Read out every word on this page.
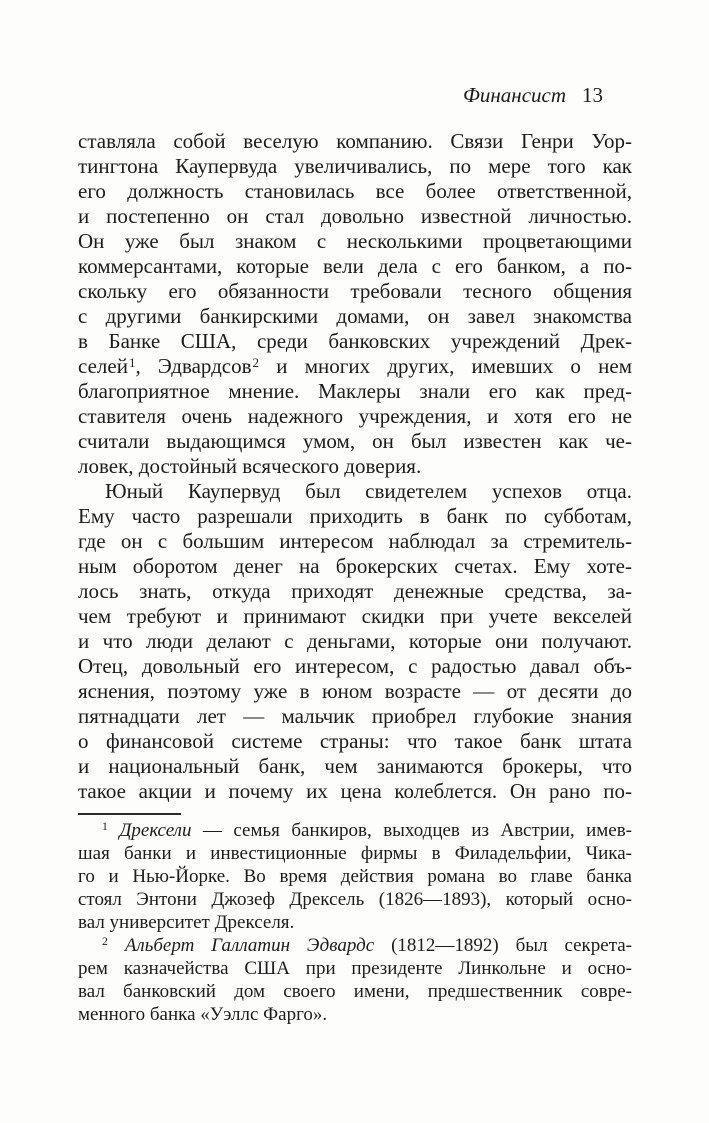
Финансист 13
ставляла собой веселую компанию. Связи Генри Уор-
тингтона Каупервуда увеличивались, по мере того как
его должность становилась все более ответственной,
и постепенно он стал довольно известной личностью.
Он уже был знаком с несколькими процветающими
коммерсантами, которые вели дела с его банком, а по-
скольку его обязанности требовали тесного общения
с другими банкирскими домами, он завел знакомства
в Банке США, среди банковских учреждений Дрек-
селей$^1$, Эдвардсов$^2$ и многих других, имевших о нем
благоприятное мнение. Маклеры знали его как пред-
ставителя очень надежного учреждения, и хотя его не
считали выдающимся умом, он был известен как че-
ловек, достойный всяческого доверия.
Юный Каупервуд был свидетелем успехов отца.
Ему часто разрешали приходить в банк по субботам,
где он с большим интересом наблюдал за стремитель-
ным оборотом денег на брокерских счетах. Ему хоте-
лось знать, откуда приходят денежные средства, за-
чем требуют и принимают скидки при учете векселей
и что люди делают с деньгами, которые они получают.
Отец, довольный его интересом, с радостью давал объ-
яснения, поэтому уже в юном возрасте — от десяти до
пятнадцати лет — мальчик приобрел глубокие знания
о финансовой системе страны: что такое банк штата
и национальный банк, чем занимаются брокеры, что
такое акции и почему их цена колеблется. Он рано по-
$^1$ Дрексели — семья банкиров, выходцев из Австрии, имев-
шая банки и инвестиционные фирмы в Филадельфии, Чика-
го и Нью-Йорке. Во время действия романа во главе банка
стоял Энтони Джозеф Дрексель (1826—1893), который осно-
вал университет Дрекселя.
$^2$ Альберт Галлатин Эдвардс (1812—1892) был секрета-
рем казначейства США при президенте Линкольне и осно-
вал банковский дом своего имени, предшественник совре-
менного банка «Уэллс Фарго».
